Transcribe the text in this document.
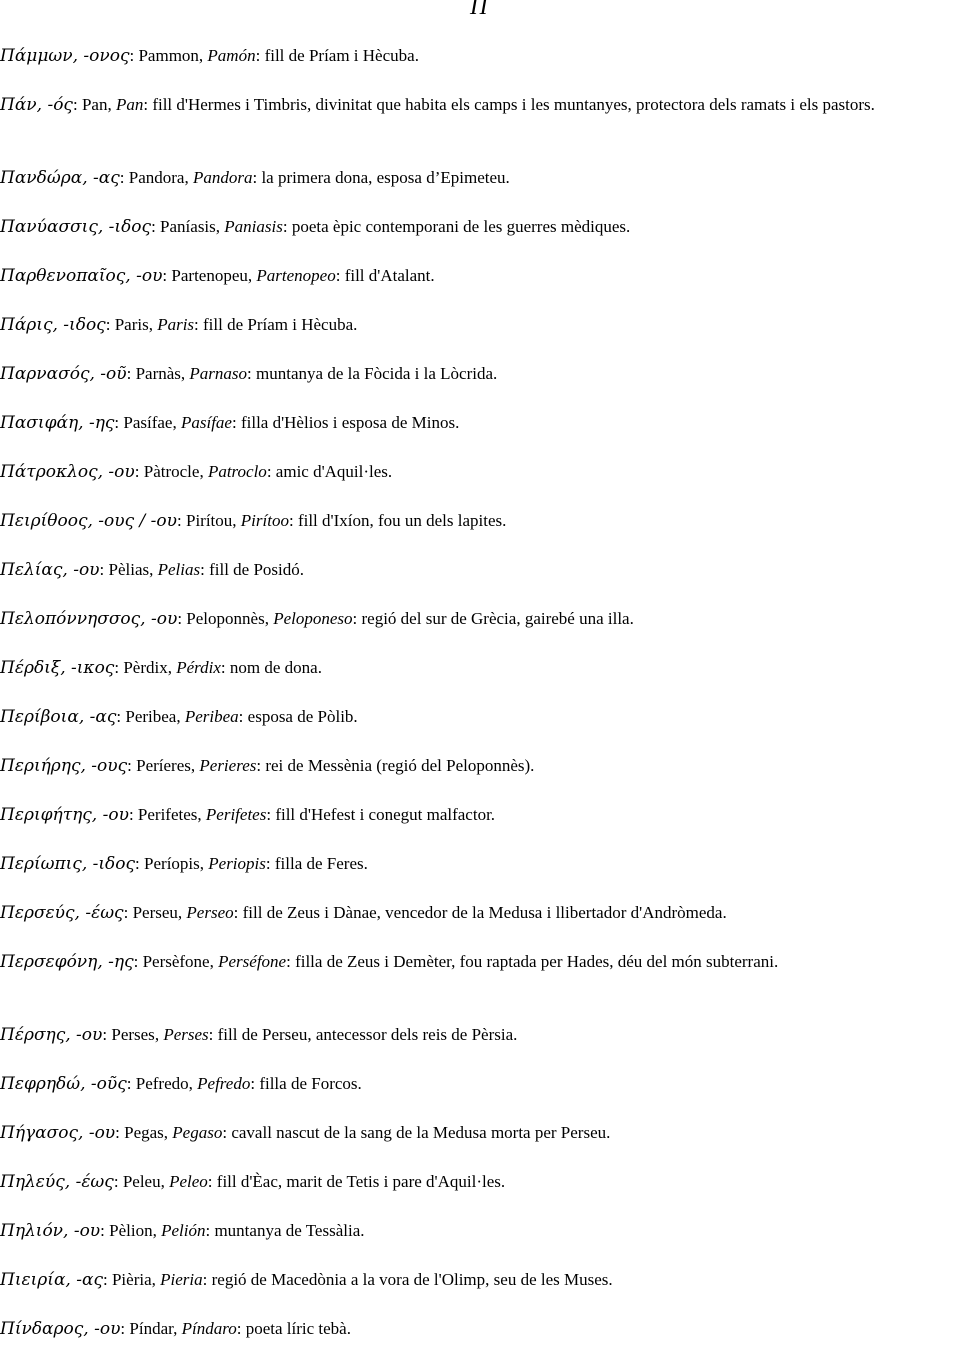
Π
Πάμμων, -ονος: Pammon, Pamón: fill de Príam i Hècuba.
Πάν, -ός: Pan, Pan: fill d'Hermes i Timbris, divinitat que habita els camps i les muntanyes, protectora dels ramats i els pastors.
Πανδώρα, -ας: Pandora, Pandora: la primera dona, esposa d’Epimeteu.
Πανύασσις, -ιδος: Paníasis, Paniasis: poeta èpic contemporani de les guerres mèdiques.
Παρθενοπαῖος, -ου: Partenopeu, Partenopeo: fill d'Atalant.
Πάρις, -ιδος: Paris, Paris: fill de Príam i Hècuba.
Παρνασός, -οῦ: Parnàs, Parnaso: muntanya de la Fòcida i la Lòcrida.
Πασιφάη, -ης: Pasífae, Pasífae: filla d'Hèlios i esposa de Minos.
Πάτροκλος, -ου: Pàtrocle, Patroclo: amic d'Aquil·les.
Πειρίθοος, -ους / -ου: Pirítou, Pirítoo: fill d'Ixíon, fou un dels lapites.
Πελίας, -ου: Pèlias, Pelias: fill de Posidó.
Πελοπόννησσος, -ου: Peloponnès, Peloponeso: regió del sur de Grècia, gairebé una illa.
Πέρδιξ, -ικος: Pèrdix, Pérdix: nom de dona.
Περίβοια, -ας: Peribea, Peribea: esposa de Pòlib.
Περιήρης, -ους: Períeres, Perieres: rei de Messènia (regió del Peloponnès).
Περιφήτης, -ου: Perifetes, Perifetes: fill d'Hefest i conegut malfactor.
Περίωπις, -ιδος: Períopis, Periopis: filla de Feres.
Περσεύς, -έως: Perseu, Perseo: fill de Zeus i Dànae, vencedor de la Medusa i llibertador d'Andròmeda.
Περσεφόνη, -ης: Persèfone, Perséfone: filla de Zeus i Demèter, fou raptada per Hades, déu del món subterrani.
Πέρσης, -ου: Perses, Perses: fill de Perseu, antecessor dels reis de Pèrsia.
Πεφρηδώ, -οῦς: Pefredo, Pefredo: filla de Forcos.
Πήγασος, -ου: Pegas, Pegaso: cavall nascut de la sang de la Medusa morta per Perseu.
Πηλεύς, -έως: Peleu, Peleo: fill d'Èac, marit de Tetis i pare d'Aquil·les.
Πηλιόν, -ου: Pèlion, Pelión: muntanya de Tessàlia.
Πιειρία, -ας: Pièria, Pieria: regió de Macedònia a la vora de l'Olimp, seu de les Muses.
Πίνδαρος, -ου: Píndar, Píndaro: poeta líric tebà.
